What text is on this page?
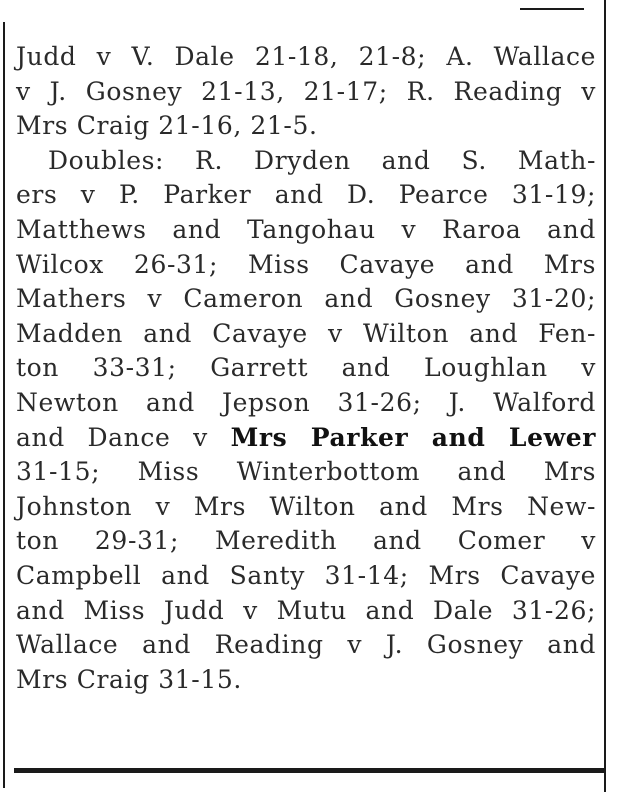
Judd v V. Dale 21-18, 21-8; A. Wallace
v J. Gosney 21-13, 21-17; R. Reading v
Mrs Craig 21-16, 21-5.
Doubles: R. Dryden and S. Math-
ers v P. Parker and D. Pearce 31-19;
Matthews and Tangohau v Raroa and
Wilcox 26-31; Miss Cavaye and Mrs
Mathers v Cameron and Gosney 31-20;
Madden and Cavaye v Wilton and Fen-
ton 33-31; Garrett and Loughlan v
Newton and Jepson 31-26; J. Walford
and Dance v Mrs Parker and Lewer
31-15; Miss Winterbottom and Mrs
Johnston v Mrs Wilton and Mrs New-
ton 29-31; Meredith and Comer v
Campbell and Santy 31-14; Mrs Cavaye
and Miss Judd v Mutu and Dale 31-26;
Wallace and Reading v J. Gosney and
Mrs Craig 31-15.
